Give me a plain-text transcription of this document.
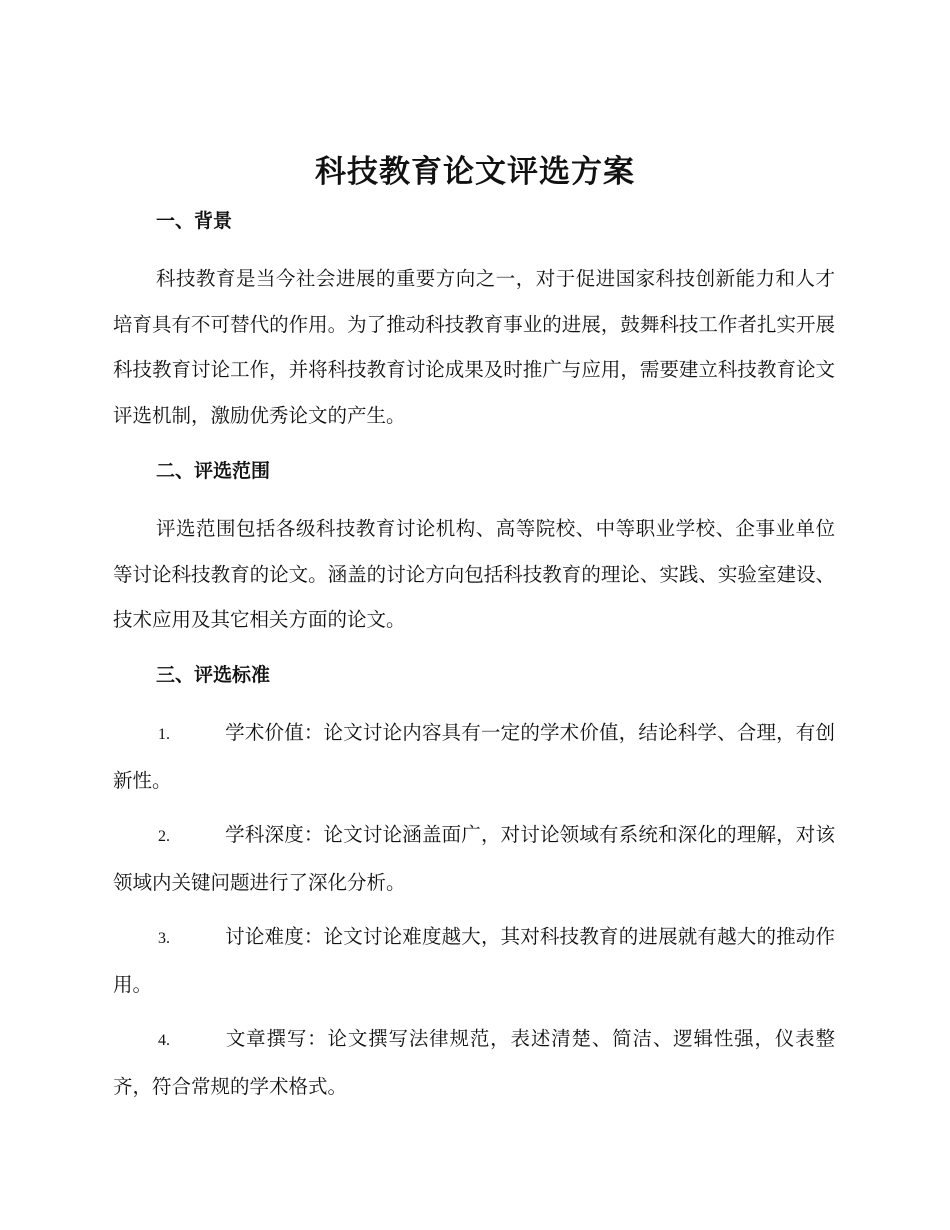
科技教育论文评选方案
一、背景

科技教育是当今社会进展的重要方向之一，对于促进国家科技创新能力和人才培育具有不可替代的作用。为了推动科技教育事业的进展，鼓舞科技工作者扎实开展科技教育讨论工作，并将科技教育讨论成果及时推广与应用，需要建立科技教育论文评选机制，激励优秀论文的产生。

二、评选范围

评选范围包括各级科技教育讨论机构、高等院校、中等职业学校、企事业单位等讨论科技教育的论文。涵盖的讨论方向包括科技教育的理论、实践、实验室建设、技术应用及其它相关方面的论文。

三、评选标准

1.	学术价值：论文讨论内容具有一定的学术价值，结论科学、合理，有创新性。

2.	学科深度：论文讨论涵盖面广，对讨论领域有系统和深化的理解，对该领域内关键问题进行了深化分析。

3.	讨论难度：论文讨论难度越大，其对科技教育的进展就有越大的推动作用。

4.	文章撰写：论文撰写法律规范，表述清楚、简洁、逻辑性强，仪表整齐，符合常规的学术格式。
